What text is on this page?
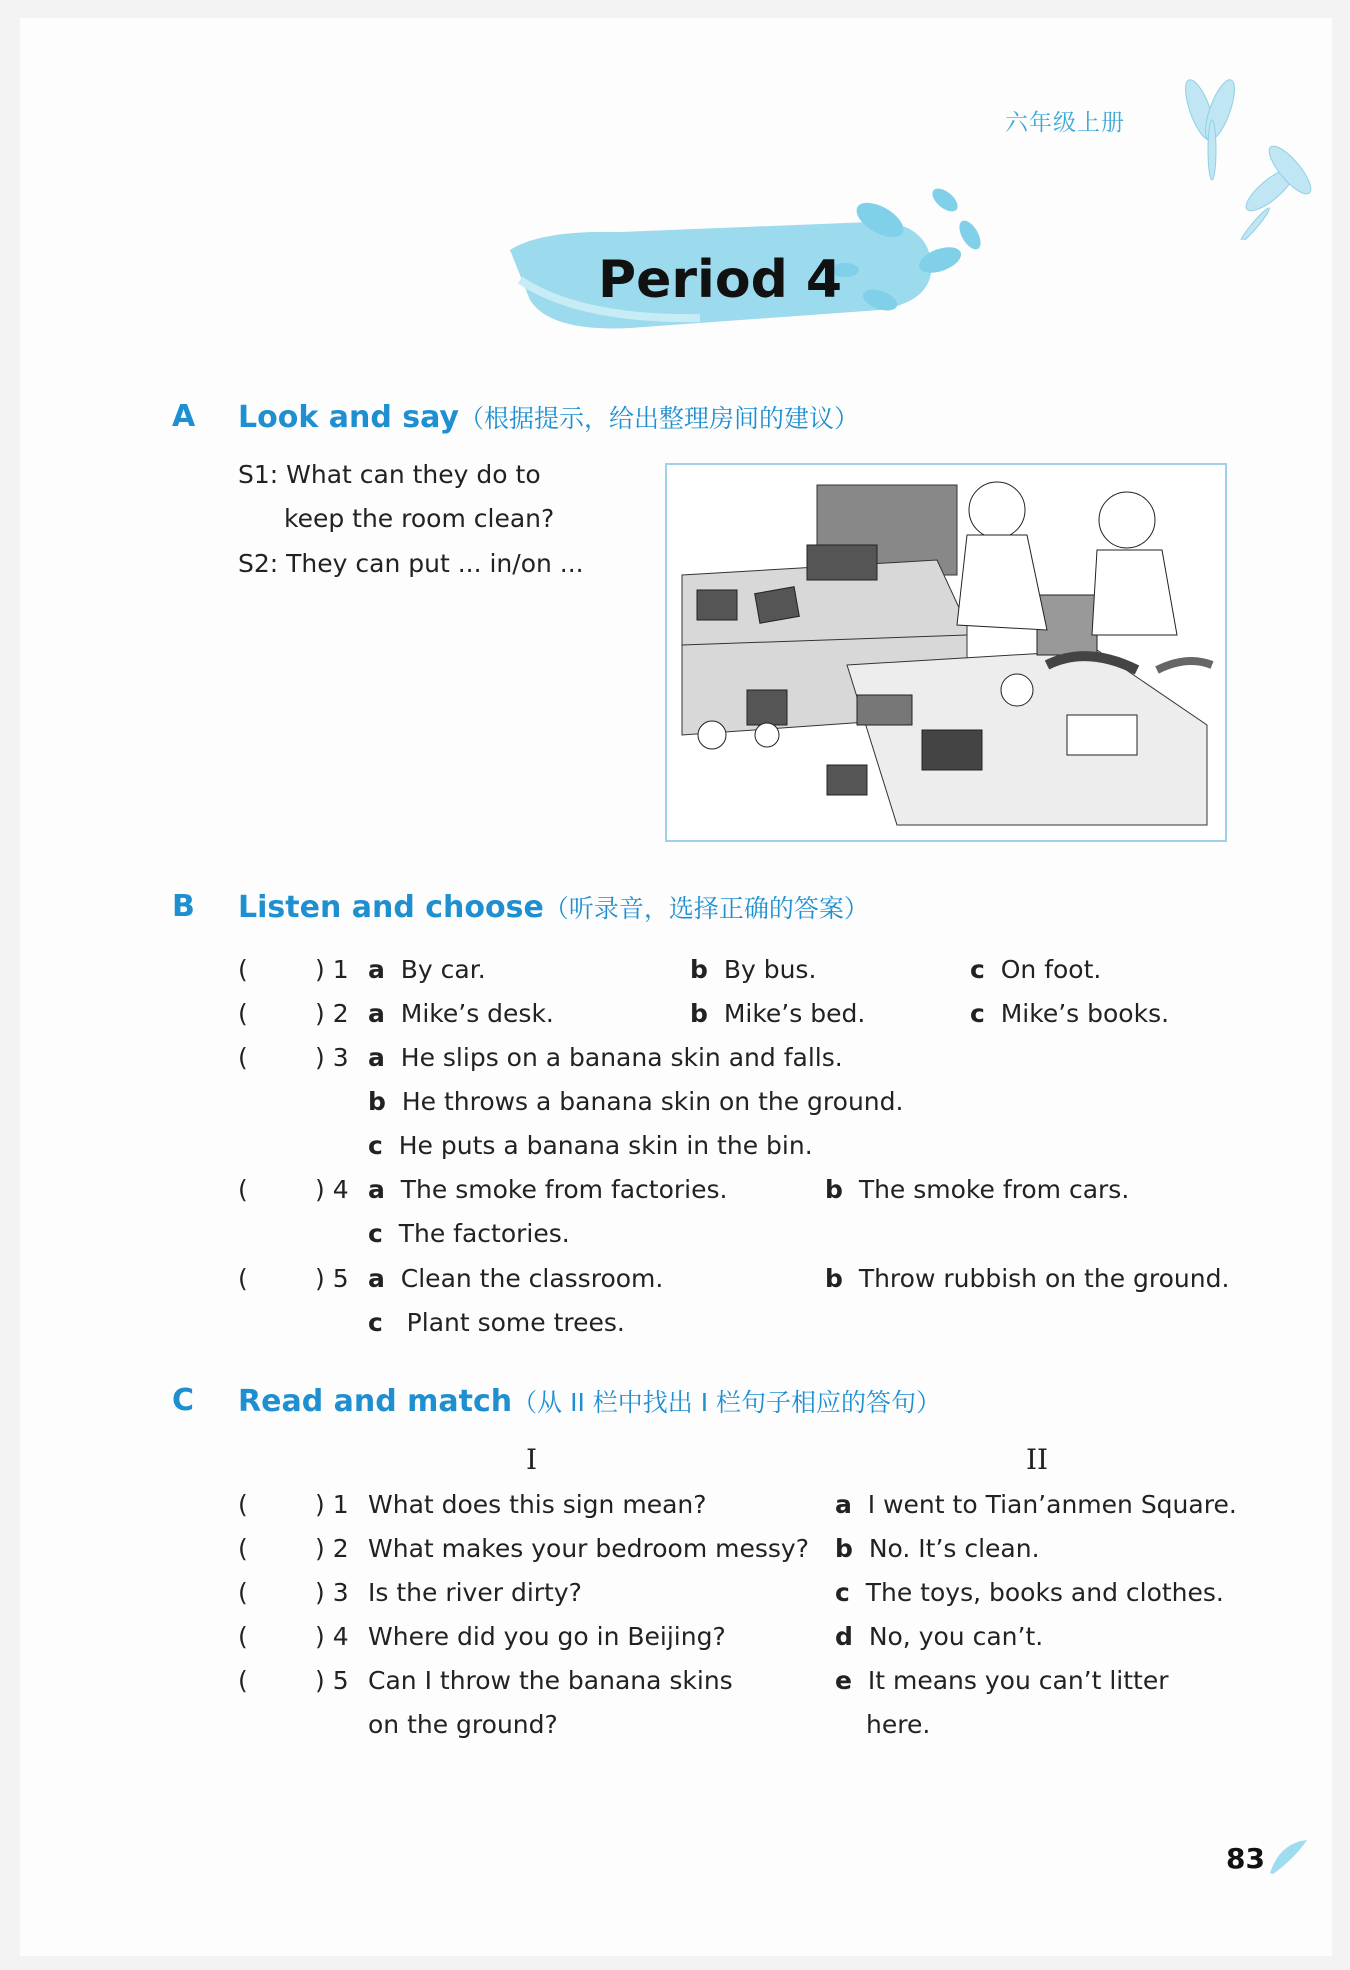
六年级上册
Period 4
A Look and say（根据提示，给出整理房间的建议）
S1: What can they do to
keep the room clean?
S2: They can put ... in/on ...
B Listen and choose（听录音，选择正确的答案）
(	) 1 a By car.	b By bus.	c On foot.
(	) 2 a Mike’s desk.	b Mike’s bed.	c Mike’s books.
(	) 3 a He slips on a banana skin and falls.
b He throws a banana skin on the ground.
c He puts a banana skin in the bin.
(	) 4 a The smoke from factories.	b The smoke from cars.
c The factories.
(	) 5 a Clean the classroom.	b Throw rubbish on the ground.
c Plant some trees.
C Read and match（从 II 栏中找出 I 栏句子相应的答句）
I	II
(	) 1 What does this sign mean?	a I went to Tian’anmen Square.
(	) 2 What makes your bedroom messy? b No. It’s clean.
(	) 3 Is the river dirty?	c The toys, books and clothes.
(	) 4 Where did you go in Beijing?	d No, you can’t.
(	) 5 Can I throw the banana skins
on the ground?
e It means you can’t litter
here.
83
